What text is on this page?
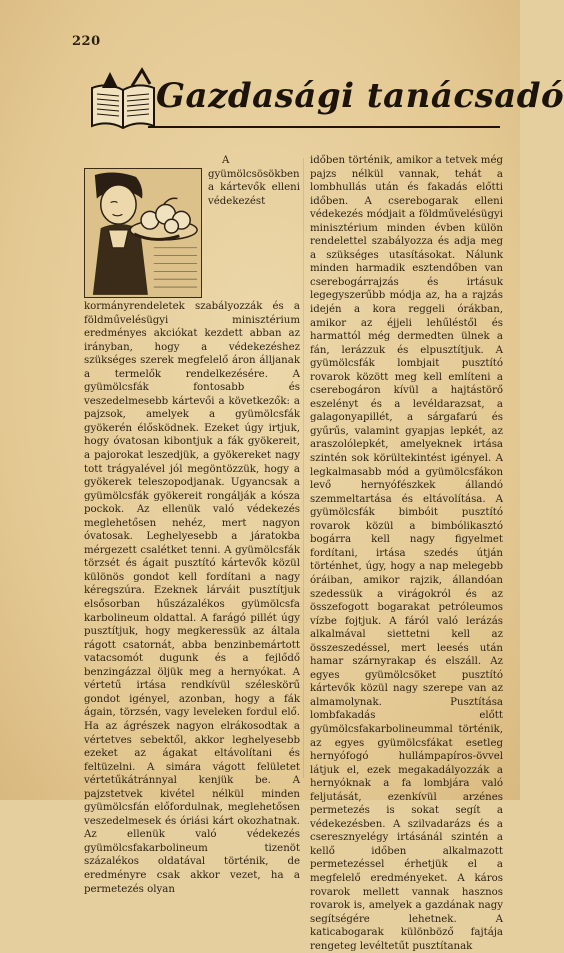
220
Gazdasági tanácsadó

A gyümölcsösökben a kártevők elleni védekezést kormányrendeletek szabályozzák és a földművelésügyi minisztérium eredményes akciókat kezdett abban az irányban, hogy a védekezéshez szükséges szerek megfelelő áron álljanak a termelők rendelkezésére. A gyümölcsfák fontosabb és veszedelmesebb kártevői a következők: a pajzsok, amelyek a gyümölcsfák gyökerén élősködnek. Ezeket úgy irtjuk, hogy óvatosan kibontjuk a fák gyökereit, a pajorokat leszedjük, a gyökereket nagy tott trágyalével jól megöntözzük, hogy a gyökerek teleszopodjanak. Ugyancsak a gyümölcsfák gyökereit rongálják a kósza pockok. Az ellenük való védekezés meglehetősen nehéz, mert nagyon óvatosak. Leghelyesebb a járatokba mérgezett csalétket tenni. A gyümölcsfák törzsét és ágait pusztító kártevők közül különös gondot kell fordítani a nagy kéregszúra. Ezeknek lárváit pusztítjuk elsősorban hűszázalékos gyümölcsfa karbolineum oldattal. A farágó pillét úgy pusztítjuk, hogy megkeressük az általa rágott csatornát, abba benzinbemártott vatacsomót dugunk és a fejlődő benzingázzal öljük meg a hernyókat. A vértetű irtása rendkívül széleskörű gondot igényel, azonban, hogy a fák ágain, törzsén, vagy leveleken fordul elő. Ha az ágrészek nagyon elrákosodtak a vértetves sebektől, akkor leghelyesebb ezeket az ágakat eltávolítani és feltüzelni. A simára vágott felületet vértetűkátránnyal kenjük be. A pajzstetvek kivétel nélkül minden gyümölcsfán előfordulnak, meglehetősen veszedelmesek és óriási kárt okozhatnak. Az ellenük való védekezés gyümölcsfakarbolineum tizenöt százalékos oldatával történik, de eredményre csak akkor vezet, ha a permetezés olyan

időben történik, amikor a tetvek még pajzs nélkül vannak, tehát a lombhullás után és fakadás előtti időben. A cserebogarak elleni védekezés módjait a földművelésügyi minisztérium minden évben külön rendelettel szabályozza és adja meg a szükséges utasításokat. Nálunk minden harmadik esztendőben van cserebogárrajzás és irtásuk legegyszerűbb módja az, ha a rajzás idején a kora reggeli órákban, amikor az éjjeli lehűléstől és harmattól még dermedten ülnek a fán, lerázzuk és elpusztítjuk. A gyümölcsfák lombjait pusztító rovarok között meg kell említeni a cserebogáron kívül a hajtástörő eszelényt és a levéldarazsat, a galagonyapillét, a sárgafarú és gyűrűs, valamint gyapjas lepkét, az araszolólepkét, amelyeknek irtása szintén sok körültekintést igényel. A legkalmasabb mód a gyümölcsfákon levő hernyófészkek állandó szemmeltartása és eltávolítása. A gyümölcsfák bimbóit pusztító rovarok közül a bimbólikasztó bogárra kell nagy figyelmet fordítani, irtása szedés útján történhet, úgy, hogy a nap melegebb óráiban, amikor rajzik, állandóan szedessük a virágokról és az összefogott bogarakat petróleumos vízbe fojtjuk. A fáról való lerázás alkalmával siettetni kell az összeszedéssel, mert leesés után hamar szárnyrakap és elszáll. Az egyes gyümölcsöket pusztító kártevők közül nagy szerepe van az almamolynak. Pusztítása lombfakadás előtt gyümölcsfakarbolineummal történik, az egyes gyümölcsfákat esetleg hernyófogó hullámpapíros-övvel látjuk el, ezek megakadályozzák a hernyóknak a fa lombjára való feljutását, ezenkívül arzénes permetezés is sokat segít a védekezésben. A szilvadarázs és a cseresznyelégy irtásánál szintén a kellő időben alkalmazott permetezéssel érhetjük el a megfelelő eredményeket. A káros rovarok mellett vannak hasznos rovarok is, amelyek a gazdának nagy segítségére lehetnek. A katicabogarak különböző fajtája rengeteg levéltetűt pusztítanak
